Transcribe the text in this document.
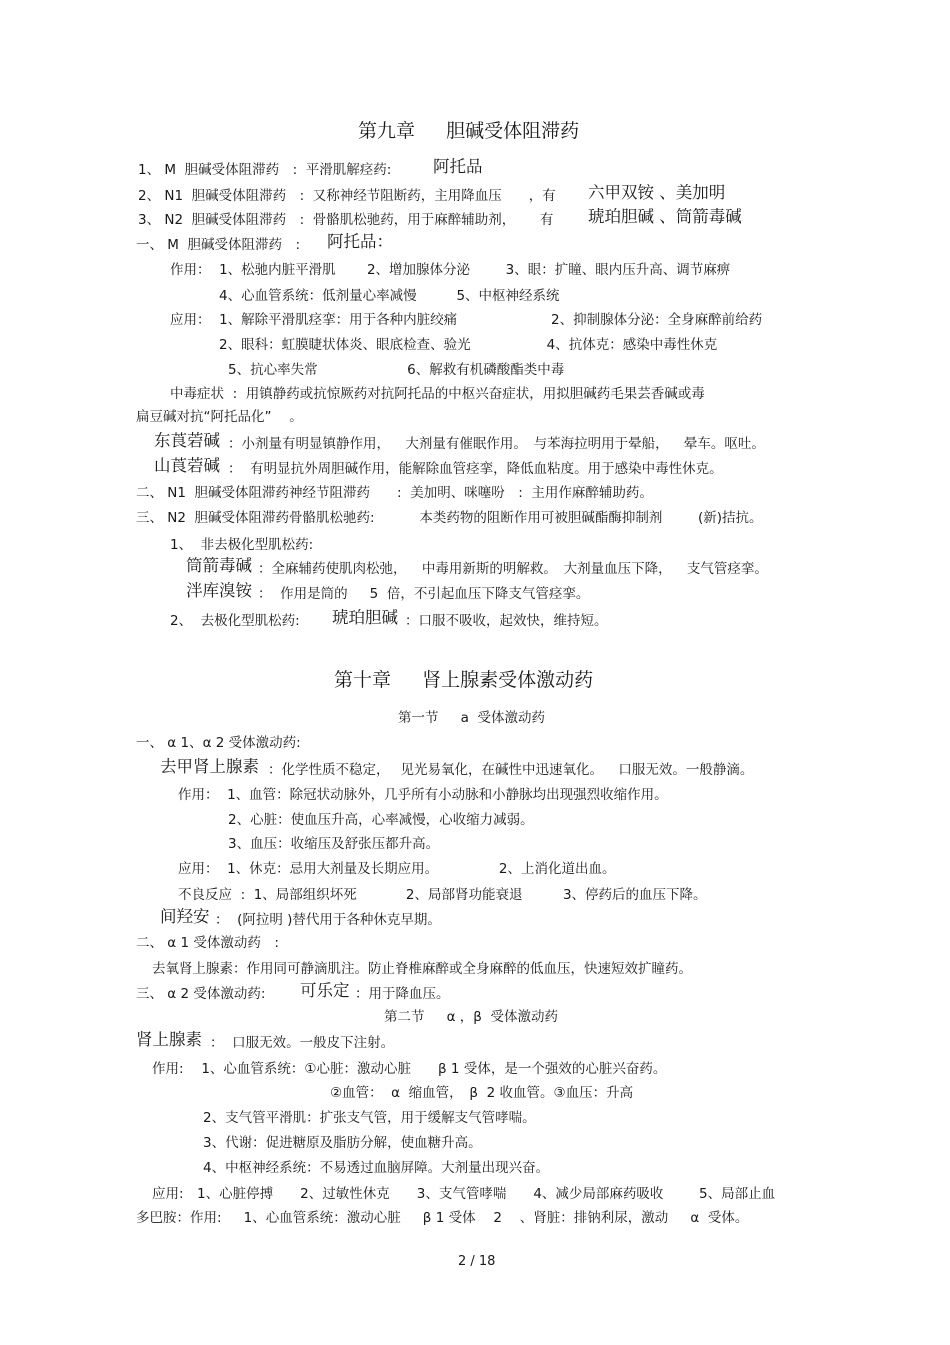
第九章　  胆碱受体阻滞药
1、 M  胆碱受体阻滞药　:  平滑肌解痉药:	阿托品
2、 N1  胆碱受体阻滞药　:  又称神经节阻断药，主用降血压　　，有 六甲双铵 、美加明
3、 N2  胆碱受体阻滞药　:  骨骼肌松驰药，用于麻醉辅助剂，　　 有 琥珀胆碱 、筒箭毒碱
一、 M  胆碱受体阻滞药　: 阿托品：
作用：  1、松驰内脏平滑肌　　 2、增加腺体分泌　　  3、眼：扩瞳、眼内压升高、调节麻痹
4、心血管系统：低剂量心率减慢　　   5、中枢神经系统
应用：  1、解除平滑肌痉挛：用于各种内脏绞痛　　　　　　   2、抑制腺体分泌：全身麻醉前给药
2、眼科：虹膜睫状体炎、眼底检查、验光　　　　　  4、抗体克：感染中毒性休克
5、抗心率失常　　　　　　  6、解救有机磷酸酯类中毒
中毒症状  :  用镇静药或抗惊厥药对抗阿托品的中枢兴奋症状，用拟胆碱药毛果芸香碱或毒
扁豆碱对抗“阿托品化”　 。
东莨菪碱 ：小剂量有明显镇静作用，　  大剂量有催眠作用。　与苯海拉明用于晕船，　  晕车。呕吐。
山莨菪碱 ：  有明显抗外周胆碱作用，能解除血管痉挛，降低血粘度。用于感染中毒性休克。
二、 N1  胆碱受体阻滞药神经节阻滞药　　:  美加明、咪噻吩　:  主用作麻醉辅助药。
三、 N2  胆碱受体阻滞药骨骼肌松驰药:　　　 本类药物的阻断作用可被胆碱酯酶抑制剂　　  (新)拮抗。
1、  非去极化型肌松药:
筒箭毒碱 ：全麻辅药使肌肉松弛，　  中毒用新斯的明解救。　大剂量血压下降，　  支气管痉挛。
泮库溴铵 ：  作用是筒的　  5  倍，不引起血压下降支气管痉挛。
2、  去极化型肌松药: 琥珀胆碱 ：口服不吸收，起效快，维持短。
第十章　  肾上腺素受体激动药
第一节　  a  受体激动药
一、 α 1、α 2 受体激动药:
去甲肾上腺素 ：化学性质不稳定，　 见光易氧化，在碱性中迅速氧化。　  口服无效。一般静滴。
作用：  1、血管：除冠状动脉外，几乎所有小动脉和小静脉均出现强烈收缩作用。
2、心脏：使血压升高，心率减慢，心收缩力减弱。
3、血压：收缩压及舒张压都升高。
应用：  1、休克：忌用大剂量及长期应用。　　　　　2、上消化道出血。
不良反应  :  1、局部组织坏死　　　  2、局部肾功能衰退　　　3、停药后的血压下降。
间羟安 ：  (阿拉明 )替代用于各种休克早期。
二、 α 1 受体激动药　:
去氧肾上腺素：作用同可静滴肌注。防止脊椎麻醉或全身麻醉的低血压，快速短效扩瞳药。
三、 α 2 受体激动药: 可乐定 ：用于降血压。
第二节　  α ，β  受体激动药
肾上腺素 ：  口服无效。一般皮下注射。
作用:　 1、心血管系统：①心脏：激动心脏　　β 1 受体，是一个强效的心脏兴奋药。
②血管：  α  缩血管，　β  2 收血管。③血压：升高
2、支气管平滑肌：扩张支气管，用于缓解支气管哮喘。
3、代谢：促进糖原及脂肪分解，使血糖升高。
4、中枢神经系统：不易透过血脑屏障。大剂量出现兴奋。
应用:　1、心脏停搏　　2、过敏性休克　　3、支气管哮喘　　4、减少局部麻药吸收　　  5、局部止血
多巴胺：作用:　  1、心血管系统：激动心脏　  β 1 受体　 2　 、肾脏：排钠利尿，激动　  α  受体。
2 / 18
